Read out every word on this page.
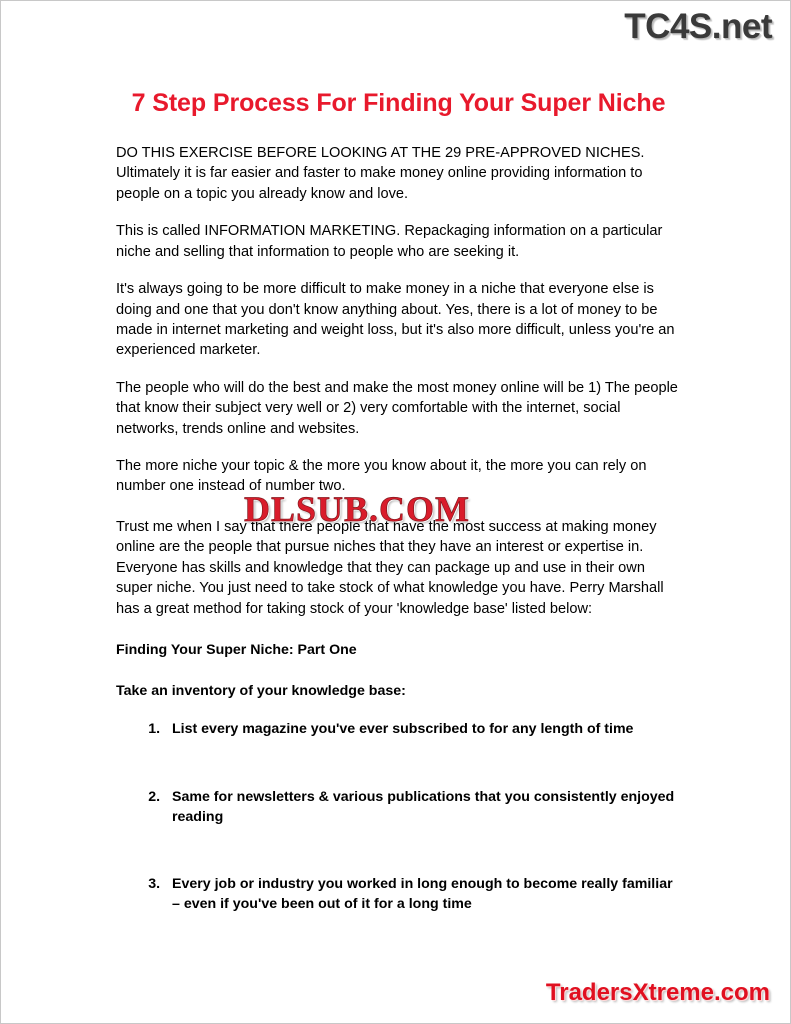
TC4S.net
7 Step Process For Finding Your Super Niche

DO THIS EXERCISE BEFORE LOOKING AT THE 29 PRE-APPROVED NICHES. Ultimately it is far easier and faster to make money online providing information to people on a topic you already know and love.

This is called INFORMATION MARKETING. Repackaging information on a particular niche and selling that information to people who are seeking it.

It's always going to be more difficult to make money in a niche that everyone else is doing and one that you don't know anything about. Yes, there is a lot of money to be made in internet marketing and weight loss, but it's also more difficult, unless you're an experienced marketer.

The people who will do the best and make the most money online will be 1) The people that know their subject very well or 2) very comfortable with the internet, social networks, trends online and websites.

The more niche your topic & the more you know about it, the more you can rely on number one instead of number two.

Trust me when I say that there people that have the most success at making money online are the people that pursue niches that they have an interest or expertise in. Everyone has skills and knowledge that they can package up and use in their own super niche. You just need to take stock of what knowledge you have. Perry Marshall has a great method for taking stock of your 'knowledge base' listed below:

Finding Your Super Niche: Part One

Take an inventory of your knowledge base:

1. List every magazine you've ever subscribed to for any length of time
2. Same for newsletters & various publications that you consistently enjoyed reading
3. Every job or industry you worked in long enough to become really familiar – even if you've been out of it for a long time
DLSUB.COM
TradersXtreme.com
